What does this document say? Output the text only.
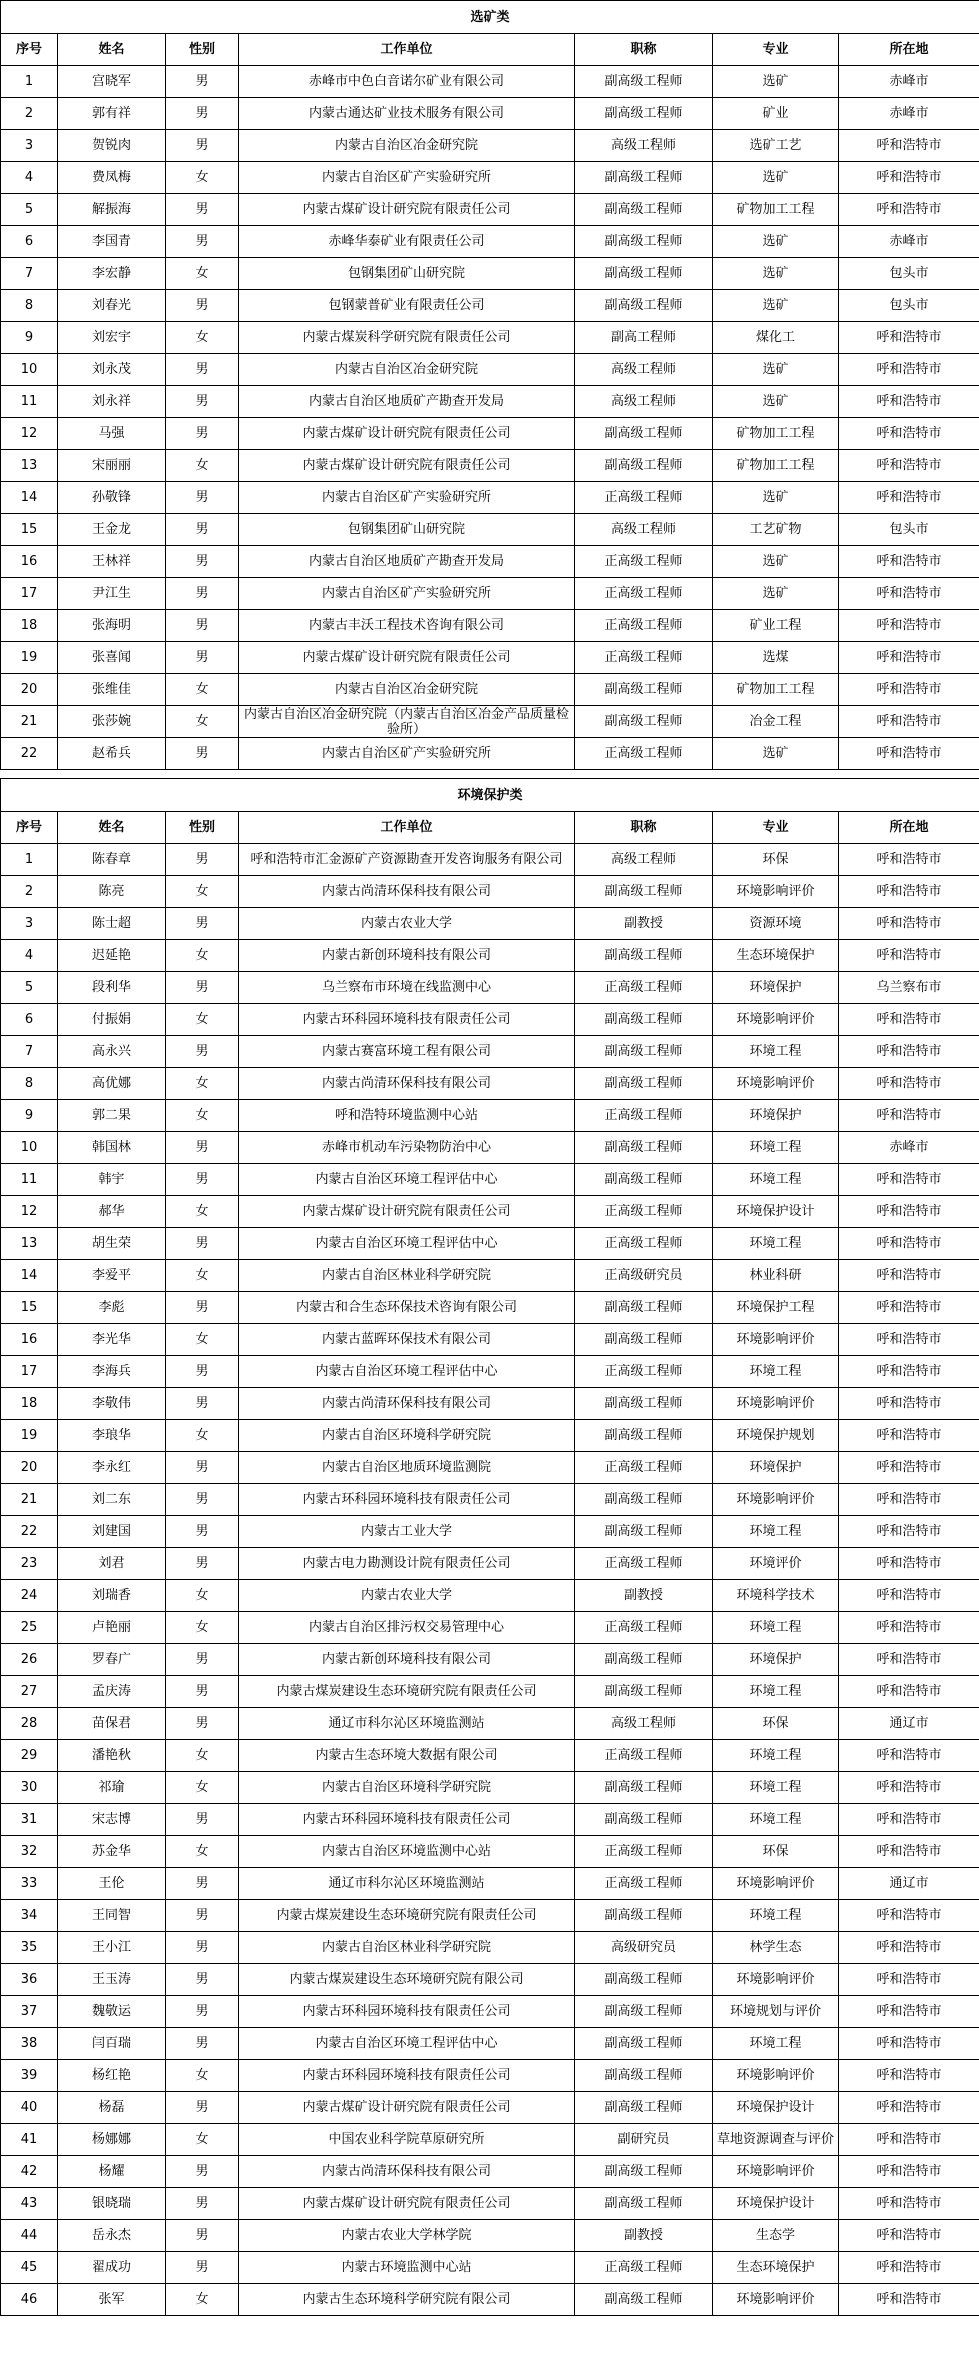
选矿类						
序号	姓名	性别	工作单位	职称	专业	所在地
1	宫晓军	男	赤峰市中色白音诺尔矿业有限公司	副高级工程师	选矿	赤峰市
2	郭有祥	男	内蒙古通达矿业技术服务有限公司	副高级工程师	矿业	赤峰市
3	贺锐肉	男	内蒙古自治区冶金研究院	高级工程师	选矿工艺	呼和浩特市
4	费凤梅	女	内蒙古自治区矿产实验研究所	副高级工程师	选矿	呼和浩特市
5	解振海	男	内蒙古煤矿设计研究院有限责任公司	副高级工程师	矿物加工工程	呼和浩特市
6	李国青	男	赤峰华泰矿业有限责任公司	副高级工程师	选矿	赤峰市
7	李宏静	女	包钢集团矿山研究院	副高级工程师	选矿	包头市
8	刘春光	男	包钢蒙普矿业有限责任公司	副高级工程师	选矿	包头市
9	刘宏宇	女	内蒙古煤炭科学研究院有限责任公司	副高工程师	煤化工	呼和浩特市
10	刘永茂	男	内蒙古自治区冶金研究院	高级工程师	选矿	呼和浩特市
11	刘永祥	男	内蒙古自治区地质矿产勘查开发局	高级工程师	选矿	呼和浩特市
12	马强	男	内蒙古煤矿设计研究院有限责任公司	副高级工程师	矿物加工工程	呼和浩特市
13	宋丽丽	女	内蒙古煤矿设计研究院有限责任公司	副高级工程师	矿物加工工程	呼和浩特市
14	孙敬锋	男	内蒙古自治区矿产实验研究所	正高级工程师	选矿	呼和浩特市
15	王金龙	男	包钢集团矿山研究院	高级工程师	工艺矿物	包头市
16	王林祥	男	内蒙古自治区地质矿产勘查开发局	正高级工程师	选矿	呼和浩特市
17	尹江生	男	内蒙古自治区矿产实验研究所	正高级工程师	选矿	呼和浩特市
18	张海明	男	内蒙古丰沃工程技术咨询有限公司	正高级工程师	矿业工程	呼和浩特市
19	张喜闻	男	内蒙古煤矿设计研究院有限责任公司	正高级工程师	选煤	呼和浩特市
20	张维佳	女	内蒙古自治区冶金研究院	副高级工程师	矿物加工工程	呼和浩特市
21	张莎婉	女	内蒙古自治区冶金研究院（内蒙古自治区冶金产品质量检验所）	副高级工程师	冶金工程	呼和浩特市
22	赵希兵	男	内蒙古自治区矿产实验研究所	正高级工程师	选矿	呼和浩特市

环境保护类						
序号	姓名	性别	工作单位	职称	专业	所在地
1	陈春章	男	呼和浩特市汇金源矿产资源勘查开发咨询服务有限公司	高级工程师	环保	呼和浩特市
2	陈亮	女	内蒙古尚清环保科技有限公司	副高级工程师	环境影响评价	呼和浩特市
3	陈士超	男	内蒙古农业大学	副教授	资源环境	呼和浩特市
4	迟延艳	女	内蒙古新创环境科技有限公司	副高级工程师	生态环境保护	呼和浩特市
5	段利华	男	乌兰察布市环境在线监测中心	正高级工程师	环境保护	乌兰察布市
6	付振娟	女	内蒙古环科园环境科技有限责任公司	副高级工程师	环境影响评价	呼和浩特市
7	高永兴	男	内蒙古赛富环境工程有限公司	副高级工程师	环境工程	呼和浩特市
8	高优娜	女	内蒙古尚清环保科技有限公司	副高级工程师	环境影响评价	呼和浩特市
9	郭二果	女	呼和浩特环境监测中心站	正高级工程师	环境保护	呼和浩特市
10	韩国林	男	赤峰市机动车污染物防治中心	副高级工程师	环境工程	赤峰市
11	韩宇	男	内蒙古自治区环境工程评估中心	副高级工程师	环境工程	呼和浩特市
12	郝华	女	内蒙古煤矿设计研究院有限责任公司	正高级工程师	环境保护设计	呼和浩特市
13	胡生荣	男	内蒙古自治区环境工程评估中心	正高级工程师	环境工程	呼和浩特市
14	李爱平	女	内蒙古自治区林业科学研究院	正高级研究员	林业科研	呼和浩特市
15	李彪	男	内蒙古和合生态环保技术咨询有限公司	副高级工程师	环境保护工程	呼和浩特市
16	李光华	女	内蒙古蓝晖环保技术有限公司	副高级工程师	环境影响评价	呼和浩特市
17	李海兵	男	内蒙古自治区环境工程评估中心	正高级工程师	环境工程	呼和浩特市
18	李敬伟	男	内蒙古尚清环保科技有限公司	副高级工程师	环境影响评价	呼和浩特市
19	李琅华	女	内蒙古自治区环境科学研究院	副高级工程师	环境保护规划	呼和浩特市
20	李永红	男	内蒙古自治区地质环境监测院	正高级工程师	环境保护	呼和浩特市
21	刘二东	男	内蒙古环科园环境科技有限责任公司	副高级工程师	环境影响评价	呼和浩特市
22	刘建国	男	内蒙古工业大学	副高级工程师	环境工程	呼和浩特市
23	刘君	男	内蒙古电力勘测设计院有限责任公司	正高级工程师	环境评价	呼和浩特市
24	刘瑞香	女	内蒙古农业大学	副教授	环境科学技术	呼和浩特市
25	卢艳丽	女	内蒙古自治区排污权交易管理中心	正高级工程师	环境工程	呼和浩特市
26	罗春广	男	内蒙古新创环境科技有限公司	副高级工程师	环境保护	呼和浩特市
27	孟庆涛	男	内蒙古煤炭建设生态环境研究院有限责任公司	副高级工程师	环境工程	呼和浩特市
28	苗保君	男	通辽市科尔沁区环境监测站	高级工程师	环保	通辽市
29	潘艳秋	女	内蒙古生态环境大数据有限公司	正高级工程师	环境工程	呼和浩特市
30	祁瑜	女	内蒙古自治区环境科学研究院	副高级工程师	环境工程	呼和浩特市
31	宋志博	男	内蒙古环科园环境科技有限责任公司	副高级工程师	环境工程	呼和浩特市
32	苏金华	女	内蒙古自治区环境监测中心站	正高级工程师	环保	呼和浩特市
33	王伦	男	通辽市科尔沁区环境监测站	正高级工程师	环境影响评价	通辽市
34	王同智	男	内蒙古煤炭建设生态环境研究院有限责任公司	副高级工程师	环境工程	呼和浩特市
35	王小江	男	内蒙古自治区林业科学研究院	高级研究员	林学生态	呼和浩特市
36	王玉涛	男	内蒙古煤炭建设生态环境研究院有限公司	副高级工程师	环境影响评价	呼和浩特市
37	魏敬运	男	内蒙古环科园环境科技有限责任公司	副高级工程师	环境规划与评价	呼和浩特市
38	闫百瑞	男	内蒙古自治区环境工程评估中心	副高级工程师	环境工程	呼和浩特市
39	杨红艳	女	内蒙古环科园环境科技有限责任公司	副高级工程师	环境影响评价	呼和浩特市
40	杨磊	男	内蒙古煤矿设计研究院有限责任公司	副高级工程师	环境保护设计	呼和浩特市
41	杨娜娜	女	中国农业科学院草原研究所	副研究员	草地资源调查与评价	呼和浩特市
42	杨耀	男	内蒙古尚清环保科技有限公司	副高级工程师	环境影响评价	呼和浩特市
43	银晓瑞	男	内蒙古煤矿设计研究院有限责任公司	副高级工程师	环境保护设计	呼和浩特市
44	岳永杰	男	内蒙古农业大学林学院	副教授	生态学	呼和浩特市
45	翟成功	男	内蒙古环境监测中心站	正高级工程师	生态环境保护	呼和浩特市
46	张军	女	内蒙古生态环境科学研究院有限公司	副高级工程师	环境影响评价	呼和浩特市
